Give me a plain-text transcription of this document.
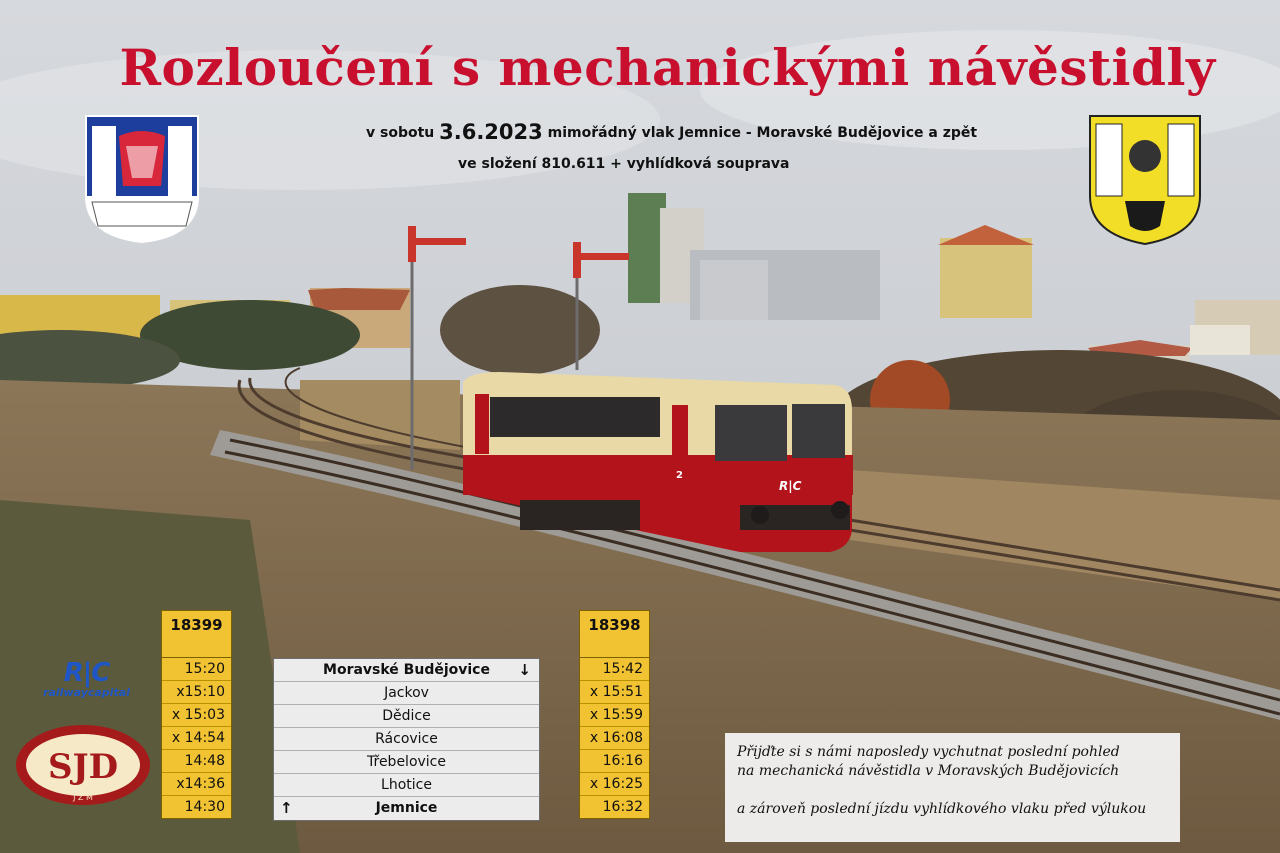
R|C
2
SJD
J Z M
Rozloučení s mechanickými návěstidly
v sobotu 3.6.2023 mimořádný vlak Jemnice - Moravské Budějovice a zpět
ve složení 810.611 + vyhlídková souprava
R|C
railwaycapital
18399
15:20
x15:10
x 15:03
x 14:54
14:48
x14:36
14:30
Moravské Budějovice ↓
Jackov
Dědice
Rácovice
Třebelovice
Lhotice
↑	Jemnice
18398
15:42
x 15:51
x 15:59
x 16:08
16:16
x 16:25
16:32
Přijďte si s námi naposledy vychutnat poslední pohled
na mechanická návěstidla v Moravských Budějovicích
a zároveň poslední jízdu vyhlídkového vlaku před výlukou
